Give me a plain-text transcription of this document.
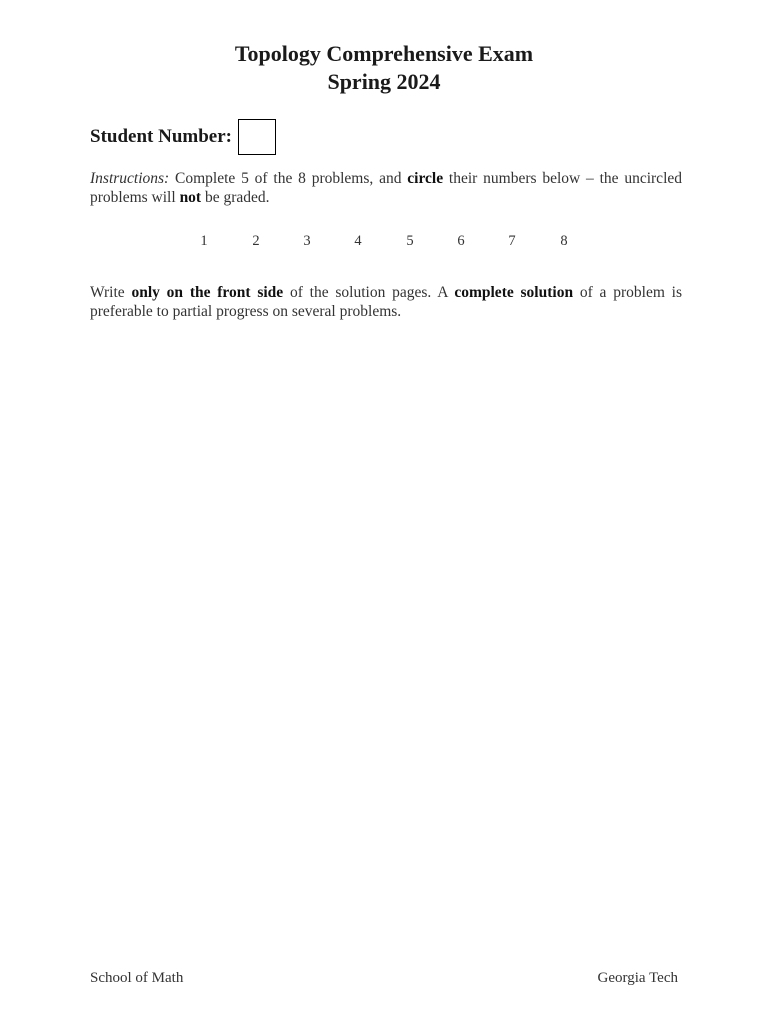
Topology Comprehensive Exam
Spring 2024
Student Number:
Instructions: Complete 5 of the 8 problems, and circle their numbers below – the uncircled problems will not be graded.
1	2	3	4	5	6	7	8
Write only on the front side of the solution pages. A complete solution of a problem is preferable to partial progress on several problems.
School of Math	Georgia Tech
